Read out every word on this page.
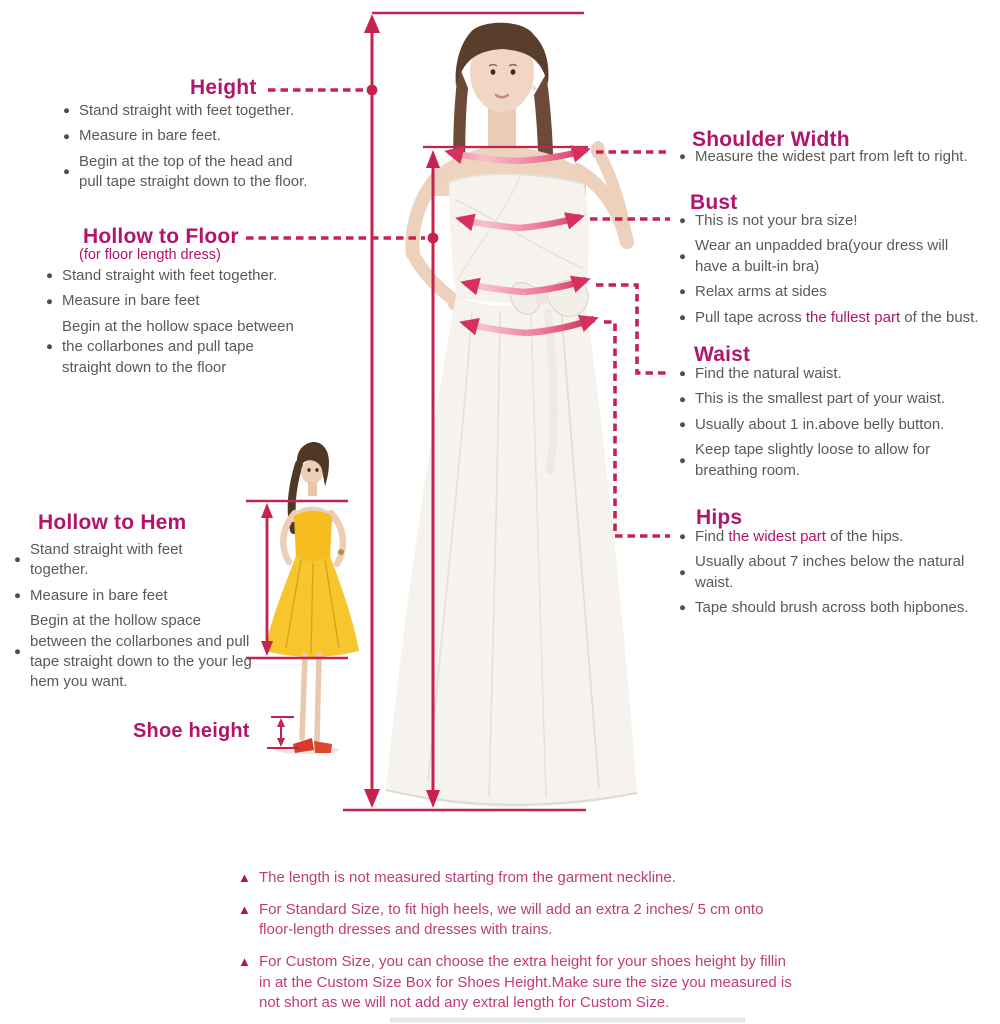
Height
Stand straight with feet together.
Measure in bare feet.
Begin at the top of the head and
pull tape straight down to the floor.
Hollow to Floor
(for floor length dress)
Stand straight with feet together.
Measure in bare feet
Begin at the hollow space between
the collarbones and pull tape
straight down to the floor
Hollow to Hem
Stand straight with feet
together.
Measure in bare feet
Begin at the hollow space
between the collarbones and pull
tape straight down to the your leg
hem you want.
Shoe height
Shoulder Width
Measure the widest part from left to right.
Bust
This is not your bra size!
Wear an unpadded bra(your dress will
have a built-in bra)
Relax arms at sides
Pull tape across the fullest part of the bust.
Waist
Find the natural waist.
This is the smallest part of your waist.
Usually about 1 in.above belly button.
Keep tape slightly loose to allow for
breathing room.
Hips
Find the widest part of the hips.
Usually about 7 inches below the natural
waist.
Tape should brush across both hipbones.
▲ The length is not measured starting from the garment neckline.
▲ For Standard Size, to fit high heels, we will add an extra 2 inches/ 5 cm onto
floor-length dresses and dresses with trains.
▲ For Custom Size, you can choose the extra height for your shoes height by fillin
in at the Custom Size Box for Shoes Height.Make sure the size you measured is
not short as we will not add any extral length for Custom Size.
